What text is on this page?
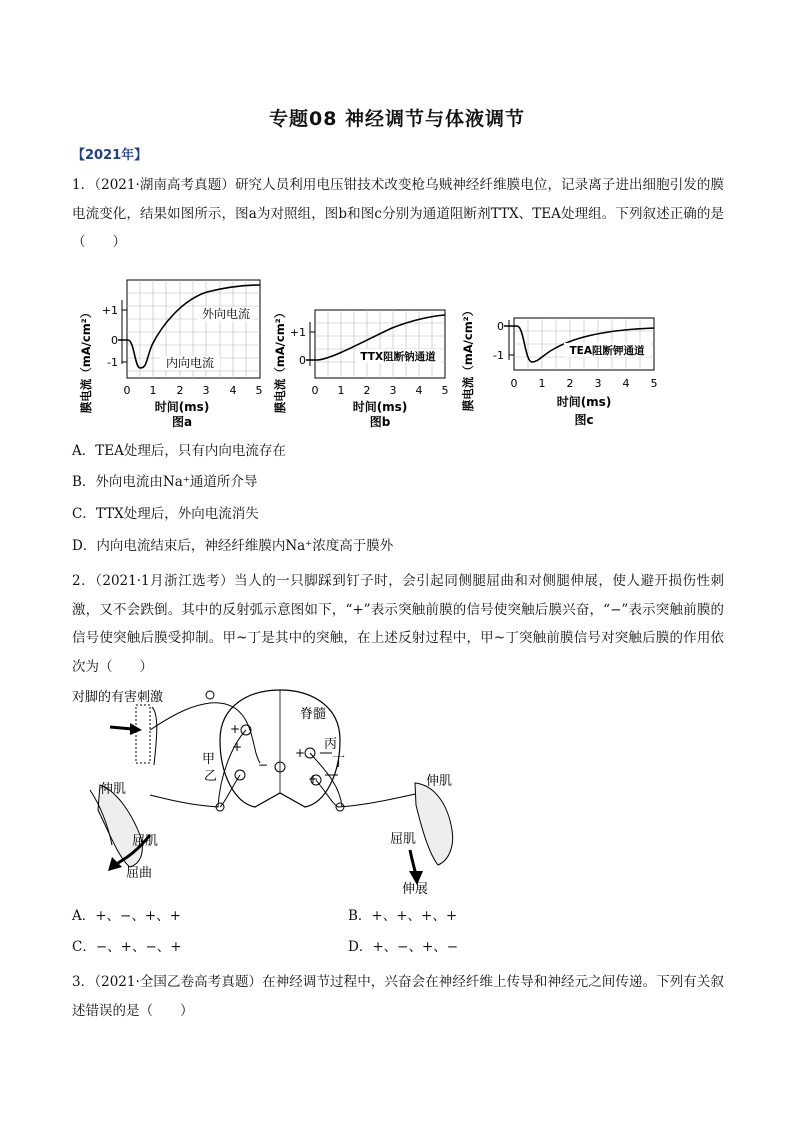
专题08 神经调节与体液调节
【2021年】
1．（2021·湖南高考真题）研究人员利用电压钳技术改变枪乌贼神经纤维膜电位，记录离子进出细胞引发的膜电流变化，结果如图所示，图a为对照组，图b和图c分别为通道阻断剂TTX、TEA处理组。下列叙述正确的是（　　）
膜电流（mA/cm²） +1
0
-1
外向电流
内向电流
0 1 2 3 4 5
时间(ms)
图a
膜电流（mA/cm²） +1
0	TTX阻断钠通道
0 1 2 3 4 5
时间(ms)
图b
膜电流（mA/cm²） 0
-1	TEA阻断钾通道
0 1 2 3 4 5
时间(ms)
图c
A．TEA处理后，只有内向电流存在
B．外向电流由Na⁺通道所介导
C．TTX处理后，外向电流消失
D．内向电流结束后，神经纤维膜内Na⁺浓度高于膜外
2．（2021·1月浙江选考）当人的一只脚踩到钉子时，会引起同侧腿屈曲和对侧腿伸展，使人避开损伤性刺激，又不会跌倒。其中的反射弧示意图如下，“+”表示突触前膜的信号使突触后膜兴奋，“−”表示突触前膜的信号使突触后膜受抑制。甲~丁是其中的突触，在上述反射过程中，甲~丁突触前膜信号对突触后膜的作用依次为（　　）
对脚的有害刺激
脊髓
+
+
−
+
+
甲
乙
丙
丁
伸肌
屈肌
屈曲
伸肌
屈肌
伸展
A．+、−、+、+	B．+、+、+、+
C．−、+、−、+	D．+、−、+、−
3．（2021·全国乙卷高考真题）在神经调节过程中，兴奋会在神经纤维上传导和神经元之间传递。下列有关叙述错误的是（　　）
